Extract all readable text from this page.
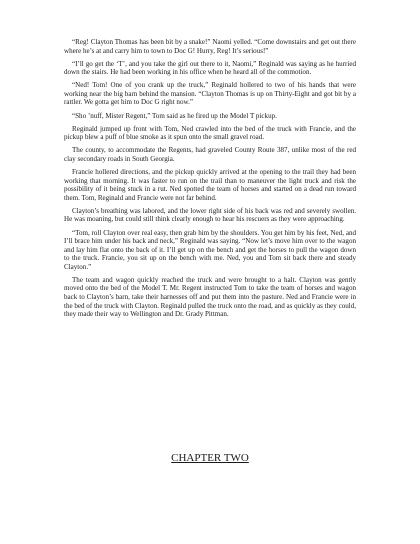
“Reg! Clayton Thomas has been bit by a snake!” Naomi yelled. “Come downstairs and get out there where he’s at and carry him to town to Doc G! Hurry, Reg! It’s serious!”

“I’ll go get the ‘T’, and you take the girl out there to it, Naomi,” Reginald was saying as he hurried down the stairs. He had been working in his office when he heard all of the commotion.

“Ned! Tom! One of you crank up the truck,” Reginald hollered to two of his hands that were working near the big barn behind the mansion. “Clayton Thomas is up on Thirty-Eight and got bit by a rattler. We gotta get him to Doc G right now.”

“Sho ’nuff, Mister Regent,” Tom said as he fired up the Model T pickup.

Reginald jumped up front with Tom, Ned crawled into the bed of the truck with Francie, and the pickup blew a puff of blue smoke as it spun onto the small gravel road.

The county, to accommodate the Regents, had graveled County Route 387, unlike most of the red clay secondary roads in South Georgia.

Francie hollered directions, and the pickup quickly arrived at the opening to the trail they had been working that morning. It was faster to run on the trail than to maneuver the light truck and risk the possibility of it being stuck in a rut. Ned spotted the team of horses and started on a dead run toward them. Tom, Reginald and Francie were not far behind.

Clayton’s breathing was labored, and the lower right side of his back was red and severely swollen. He was moaning, but could still think clearly enough to hear his rescuers as they were approaching.

“Tom, roll Clayton over real easy, then grab him by the shoulders. You get him by his feet, Ned, and I’ll brace him under his back and neck,” Reginald was saying. “Now let’s move him over to the wagon and lay him flat onto the back of it. I’ll get up on the bench and get the horses to pull the wagon down to the truck. Francie, you sit up on the bench with me. Ned, you and Tom sit back there and steady Clayton.”

The team and wagon quickly reached the truck and were brought to a halt. Clayton was gently moved onto the bed of the Model T. Mr. Regent instructed Tom to take the team of horses and wagon back to Clayton’s barn, take their harnesses off and put them into the pasture. Ned and Francie were in the bed of the truck with Clayton. Reginald pulled the truck onto the road, and as quickly as they could, they made their way to Wellington and Dr. Grady Pittman.

CHAPTER TWO
